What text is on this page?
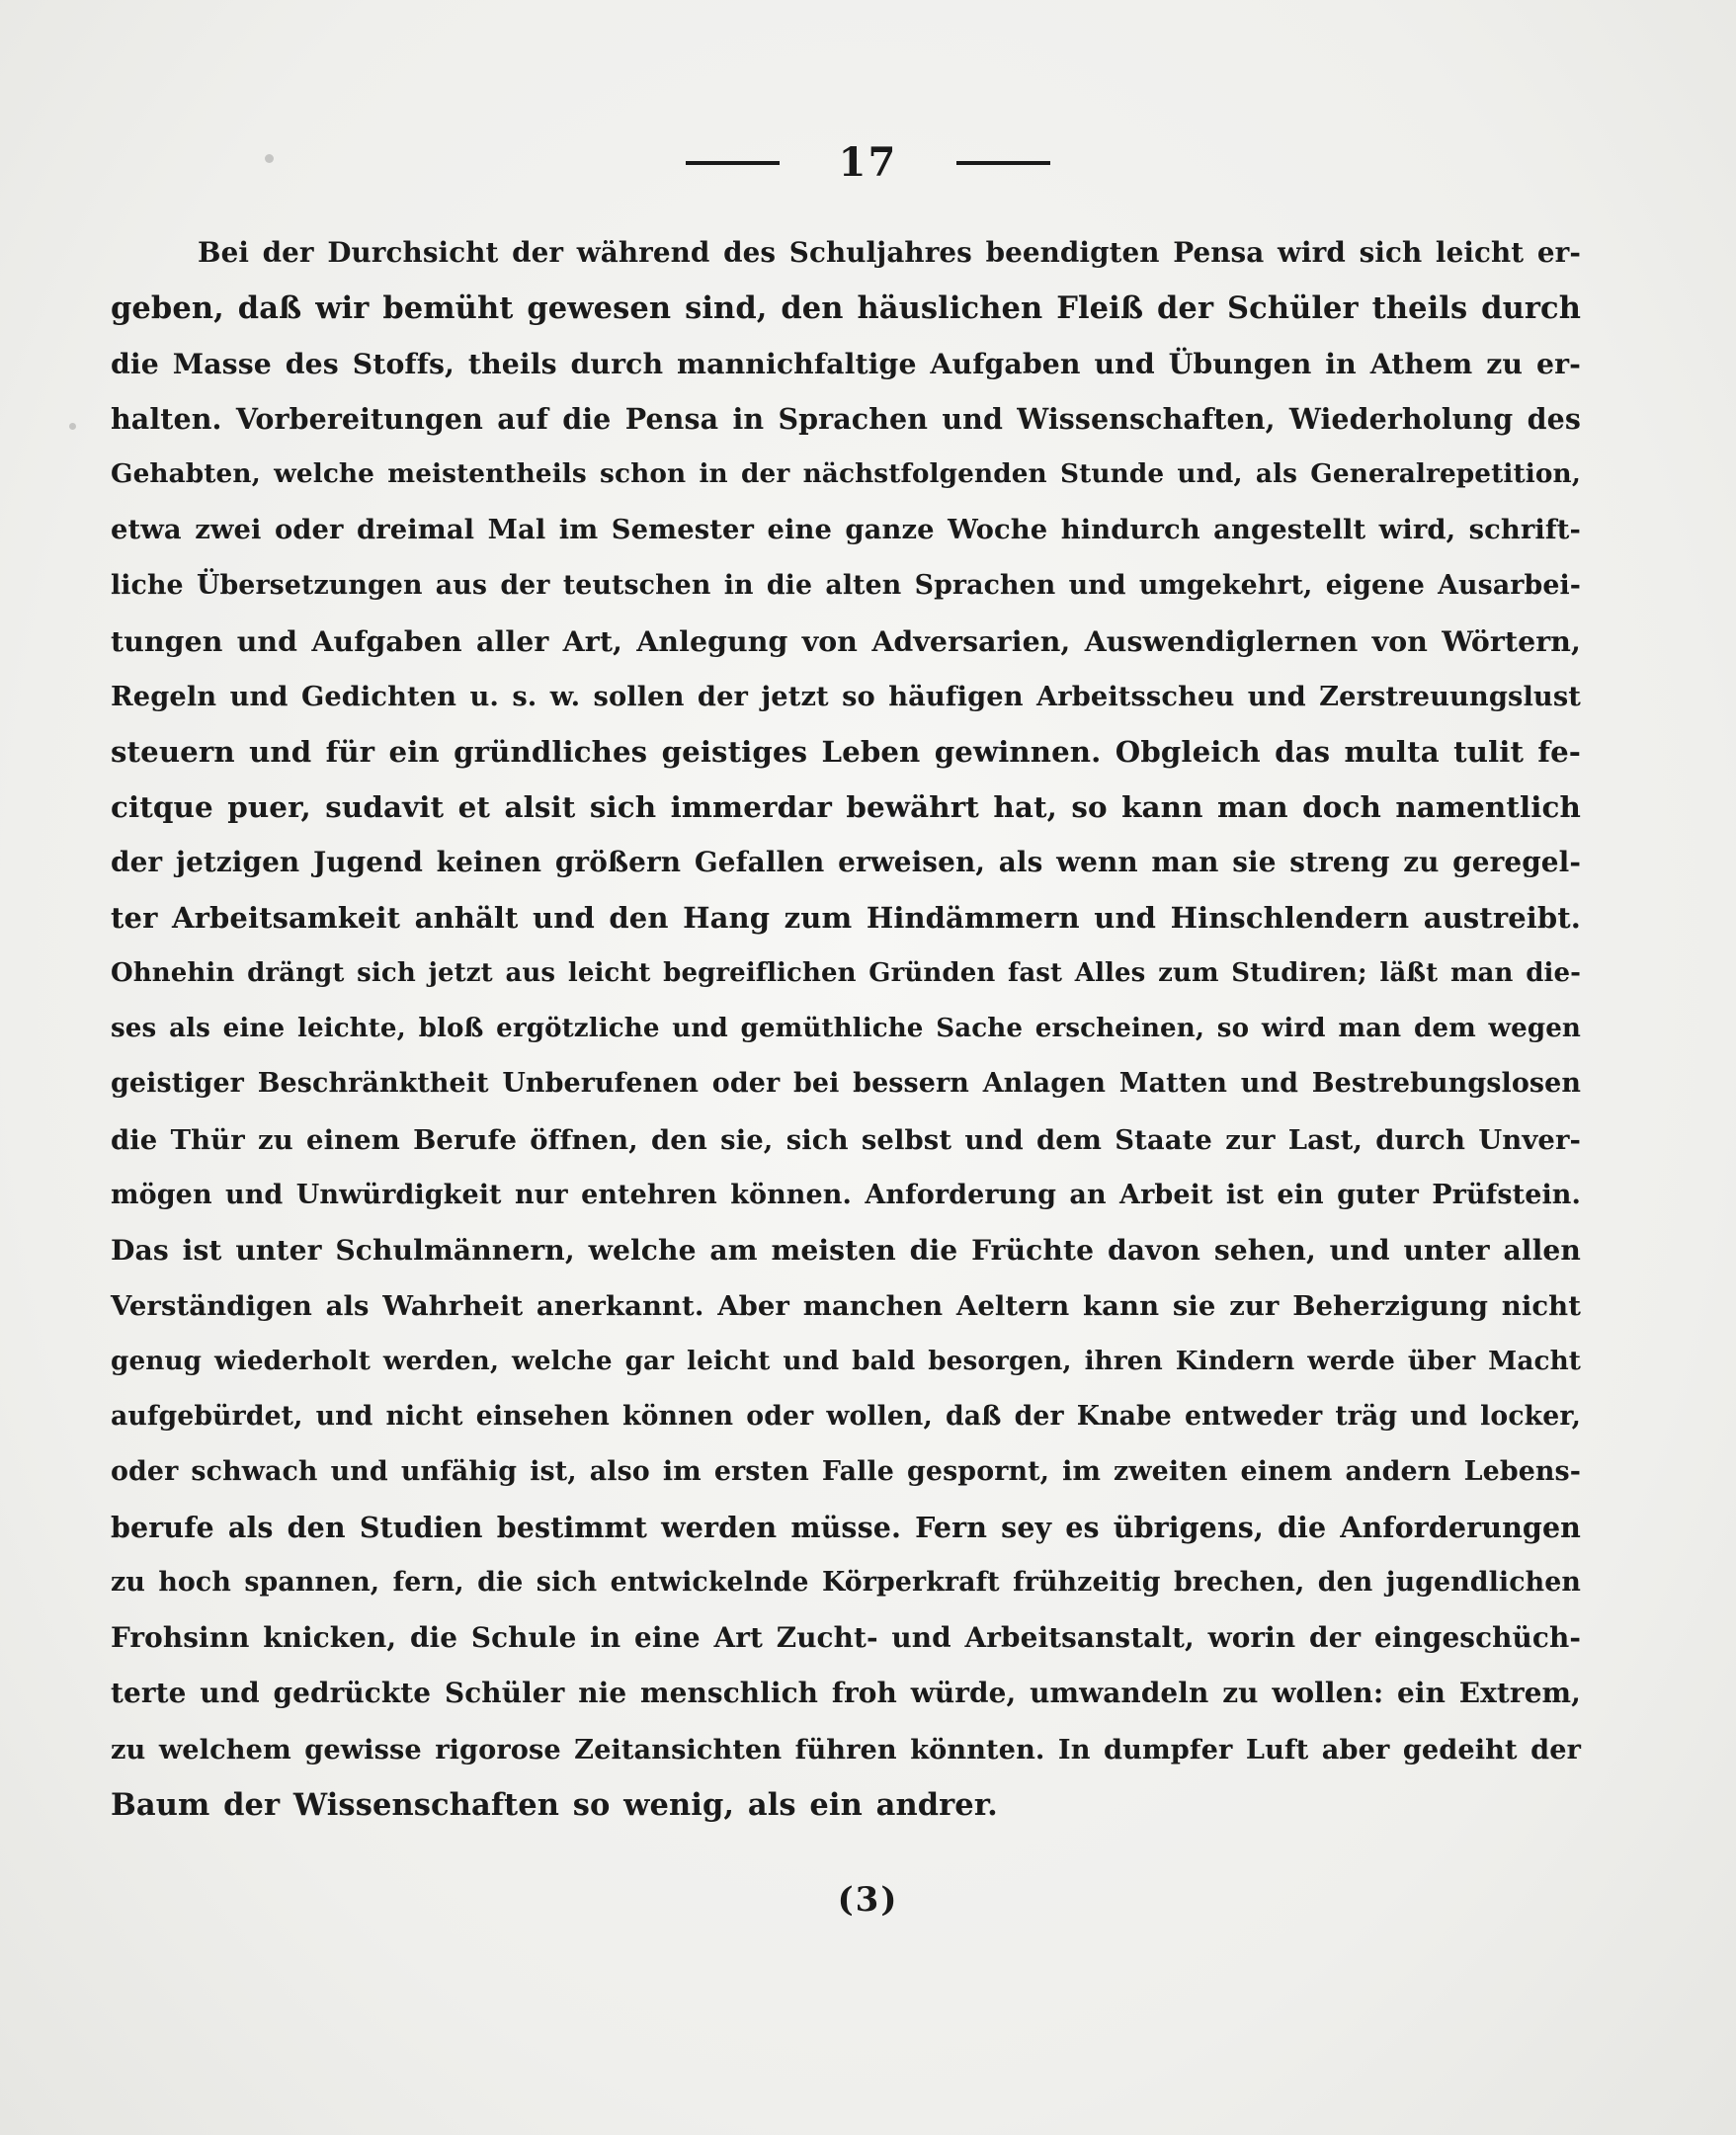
17
Bei der Durchsicht der während des Schuljahres beendigten Pensa wird sich leicht er-
geben, daß wir bemüht gewesen sind, den häuslichen Fleiß der Schüler theils durch
die Masse des Stoffs, theils durch mannichfaltige Aufgaben und Übungen in Athem zu er-
halten. Vorbereitungen auf die Pensa in Sprachen und Wissenschaften, Wiederholung des
Gehabten, welche meistentheils schon in der nächstfolgenden Stunde und, als Generalrepetition,
etwa zwei oder dreimal Mal im Semester eine ganze Woche hindurch angestellt wird, schrift-
liche Übersetzungen aus der teutschen in die alten Sprachen und umgekehrt, eigene Ausarbei-
tungen und Aufgaben aller Art, Anlegung von Adversarien, Auswendiglernen von Wörtern,
Regeln und Gedichten u. s. w. sollen der jetzt so häufigen Arbeitsscheu und Zerstreuungslust
steuern und für ein gründliches geistiges Leben gewinnen. Obgleich das multa tulit fe-
citque puer, sudavit et alsit sich immerdar bewährt hat, so kann man doch namentlich
der jetzigen Jugend keinen größern Gefallen erweisen, als wenn man sie streng zu geregel-
ter Arbeitsamkeit anhält und den Hang zum Hindämmern und Hinschlendern austreibt.
Ohnehin drängt sich jetzt aus leicht begreiflichen Gründen fast Alles zum Studiren; läßt man die-
ses als eine leichte, bloß ergötzliche und gemüthliche Sache erscheinen, so wird man dem wegen
geistiger Beschränktheit Unberufenen oder bei bessern Anlagen Matten und Bestrebungslosen
die Thür zu einem Berufe öffnen, den sie, sich selbst und dem Staate zur Last, durch Unver-
mögen und Unwürdigkeit nur entehren können. Anforderung an Arbeit ist ein guter Prüfstein.
Das ist unter Schulmännern, welche am meisten die Früchte davon sehen, und unter allen
Verständigen als Wahrheit anerkannt. Aber manchen Aeltern kann sie zur Beherzigung nicht
genug wiederholt werden, welche gar leicht und bald besorgen, ihren Kindern werde über Macht
aufgebürdet, und nicht einsehen können oder wollen, daß der Knabe entweder träg und locker,
oder schwach und unfähig ist, also im ersten Falle gespornt, im zweiten einem andern Lebens-
berufe als den Studien bestimmt werden müsse. Fern sey es übrigens, die Anforderungen
zu hoch spannen, fern, die sich entwickelnde Körperkraft frühzeitig brechen, den jugendlichen
Frohsinn knicken, die Schule in eine Art Zucht- und Arbeitsanstalt, worin der eingeschüch-
terte und gedrückte Schüler nie menschlich froh würde, umwandeln zu wollen: ein Extrem,
zu welchem gewisse rigorose Zeitansichten führen könnten. In dumpfer Luft aber gedeiht der
Baum der Wissenschaften so wenig, als ein andrer.
(3)
